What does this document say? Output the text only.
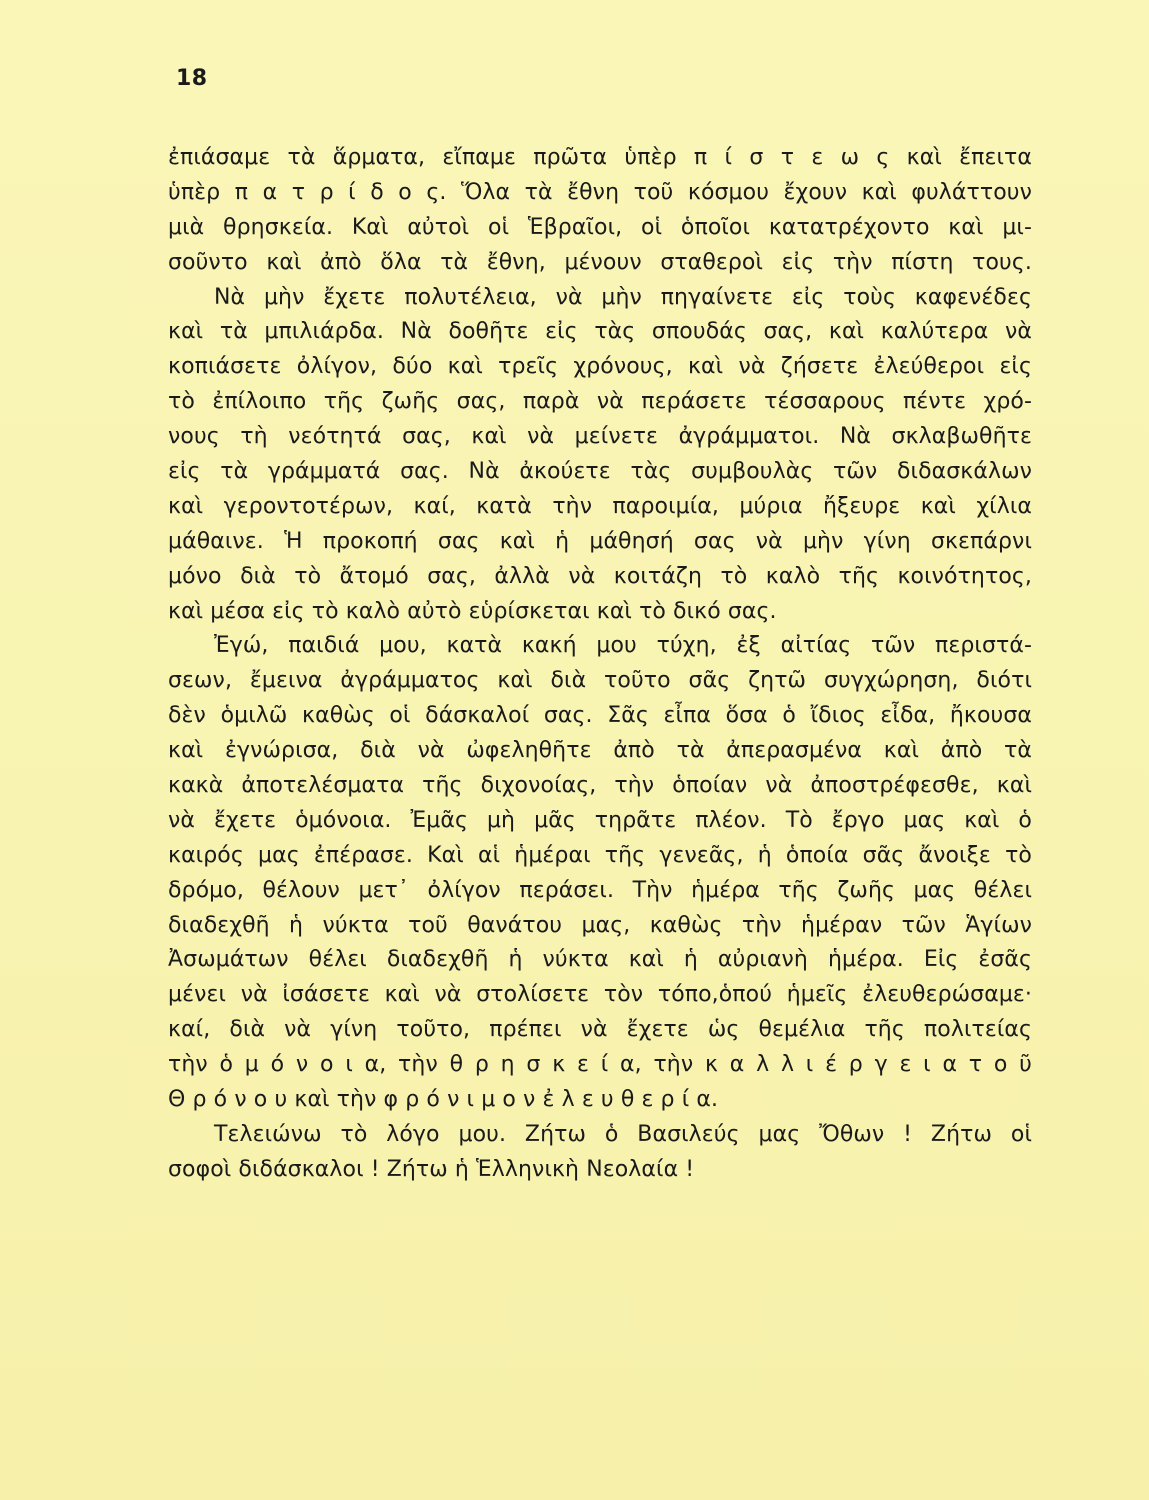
18
ἐπιάσαμε τὰ ἅρματα, εἴπαμε πρῶτα ὑπὲρ π ί σ τ ε ω ς καὶ ἔπειτα
ὑπὲρ π α τ ρ ί δ ο ς. Ὅλα τὰ ἔθνη τοῦ κόσμου ἔχουν καὶ φυλάττουν
μιὰ θρησκεία. Καὶ αὐτοὶ οἱ Ἑβραῖοι, οἱ ὁποῖοι κατατρέχοντο καὶ μι-
σοῦντο καὶ ἀπὸ ὅλα τὰ ἔθνη, μένουν σταθεροὶ εἰς τὴν πίστη τους.
Νὰ μὴν ἔχετε πολυτέλεια, νὰ μὴν πηγαίνετε εἰς τοὺς καφενέδες
καὶ τὰ μπιλιάρδα. Νὰ δοθῆτε εἰς τὰς σπουδάς σας, καὶ καλύτερα νὰ
κοπιάσετε ὀλίγον, δύο καὶ τρεῖς χρόνους, καὶ νὰ ζήσετε ἐλεύθεροι εἰς
τὸ ἐπίλοιπο τῆς ζωῆς σας, παρὰ νὰ περάσετε τέσσαρους πέντε χρό-
νους τὴ νεότητά σας, καὶ νὰ μείνετε ἀγράμματοι. Νὰ σκλαβωθῆτε
εἰς τὰ γράμματά σας. Νὰ ἀκούετε τὰς συμβουλὰς τῶν διδασκάλων
καὶ γεροντοτέρων, καί, κατὰ τὴν παροιμία, μύρια ἤξευρε καὶ χίλια
μάθαινε. Ἡ προκοπή σας καὶ ἡ μάθησή σας νὰ μὴν γίνη σκεπάρνι
μόνο διὰ τὸ ἄτομό σας, ἀλλὰ νὰ κοιτάζη τὸ καλὸ τῆς κοινότητος,
καὶ μέσα εἰς τὸ καλὸ αὐτὸ εὑρίσκεται καὶ τὸ δικό σας.
Ἐγώ, παιδιά μου, κατὰ κακή μου τύχη, ἐξ αἰτίας τῶν περιστά-
σεων, ἔμεινα ἀγράμματος καὶ διὰ τοῦτο σᾶς ζητῶ συγχώρηση, διότι
δὲν ὁμιλῶ καθὼς οἱ δάσκαλοί σας. Σᾶς εἶπα ὅσα ὁ ἴδιος εἶδα, ἤκουσα
καὶ ἐγνώρισα, διὰ νὰ ὠφεληθῆτε ἀπὸ τὰ ἀπερασμένα καὶ ἀπὸ τὰ
κακὰ ἀποτελέσματα τῆς διχονοίας, τὴν ὁποίαν νὰ ἀποστρέφεσθε, καὶ
νὰ ἔχετε ὁμόνοια. Ἐμᾶς μὴ μᾶς τηρᾶτε πλέον. Τὸ ἔργο μας καὶ ὁ
καιρός μας ἐπέρασε. Καὶ αἱ ἡμέραι τῆς γενεᾶς, ἡ ὁποία σᾶς ἄνοιξε τὸ
δρόμο, θέλουν μετ᾽ ὀλίγον περάσει. Τὴν ἡμέρα τῆς ζωῆς μας θέλει
διαδεχθῆ ἡ νύκτα τοῦ θανάτου μας, καθὼς τὴν ἡμέραν τῶν Ἁγίων
Ἀσωμάτων θέλει διαδεχθῆ ἡ νύκτα καὶ ἡ αὐριανὴ ἡμέρα. Εἰς ἐσᾶς
μένει νὰ ἰσάσετε καὶ νὰ στολίσετε τὸν τόπο,ὁπού ἡμεῖς ἐλευθερώσαμε·
καί, διὰ νὰ γίνη τοῦτο, πρέπει νὰ ἔχετε ὡς θεμέλια τῆς πολιτείας
τὴν ὁ μ ό ν ο ι α, τὴν θ ρ η σ κ ε ί α, τὴν κ α λ λ ι έ ρ γ ε ι α τ ο ῦ
Θ ρ ό ν ο υ καὶ τὴν φ ρ ό ν ι μ ο ν ἐ λ ε υ θ ε ρ ί α.
Τελειώνω τὸ λόγο μου. Ζήτω ὁ Βασιλεύς μας Ὄθων ! Ζήτω οἱ
σοφοὶ διδάσκαλοι ! Ζήτω ἡ Ἑλληνικὴ Νεολαία !
